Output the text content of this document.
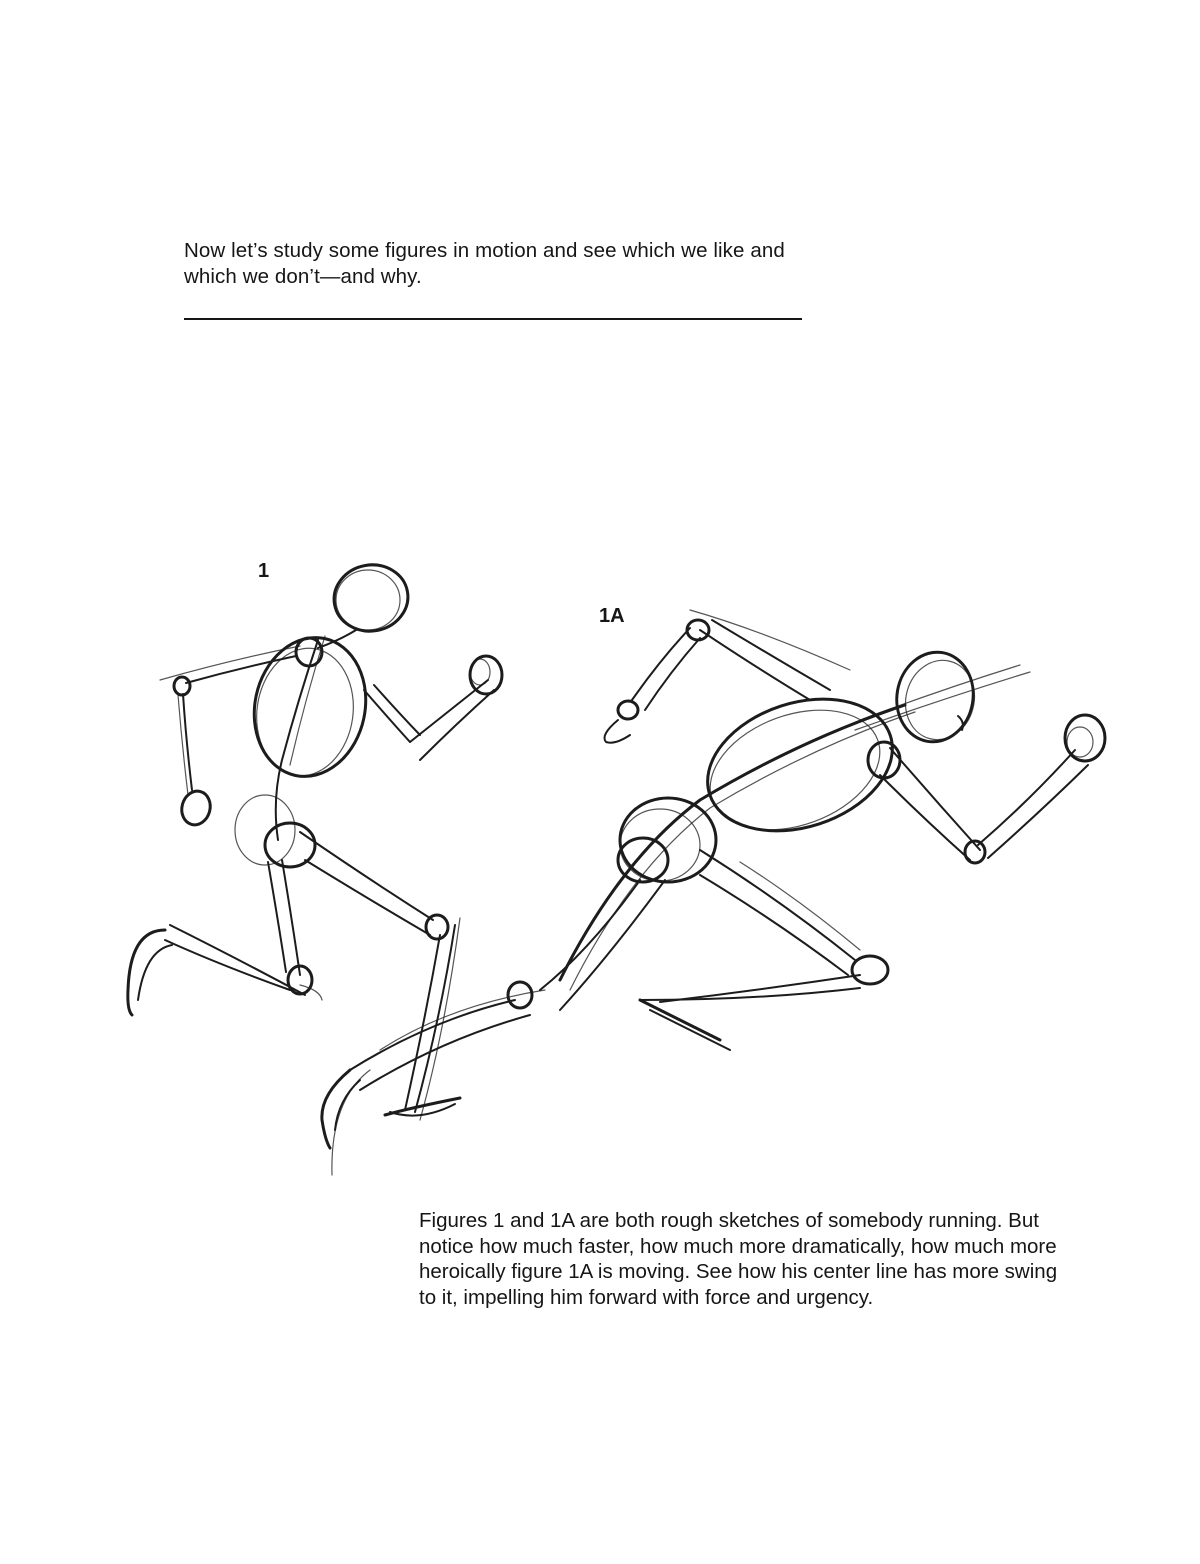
Now let’s study some figures in motion and see which we like and which we don’t—and why.

1
1A

Figures 1 and 1A are both rough sketches of somebody running. But notice how much faster, how much more dramatically, how much more heroically figure 1A is moving. See how his center line has more swing to it, impelling him forward with force and urgency.
